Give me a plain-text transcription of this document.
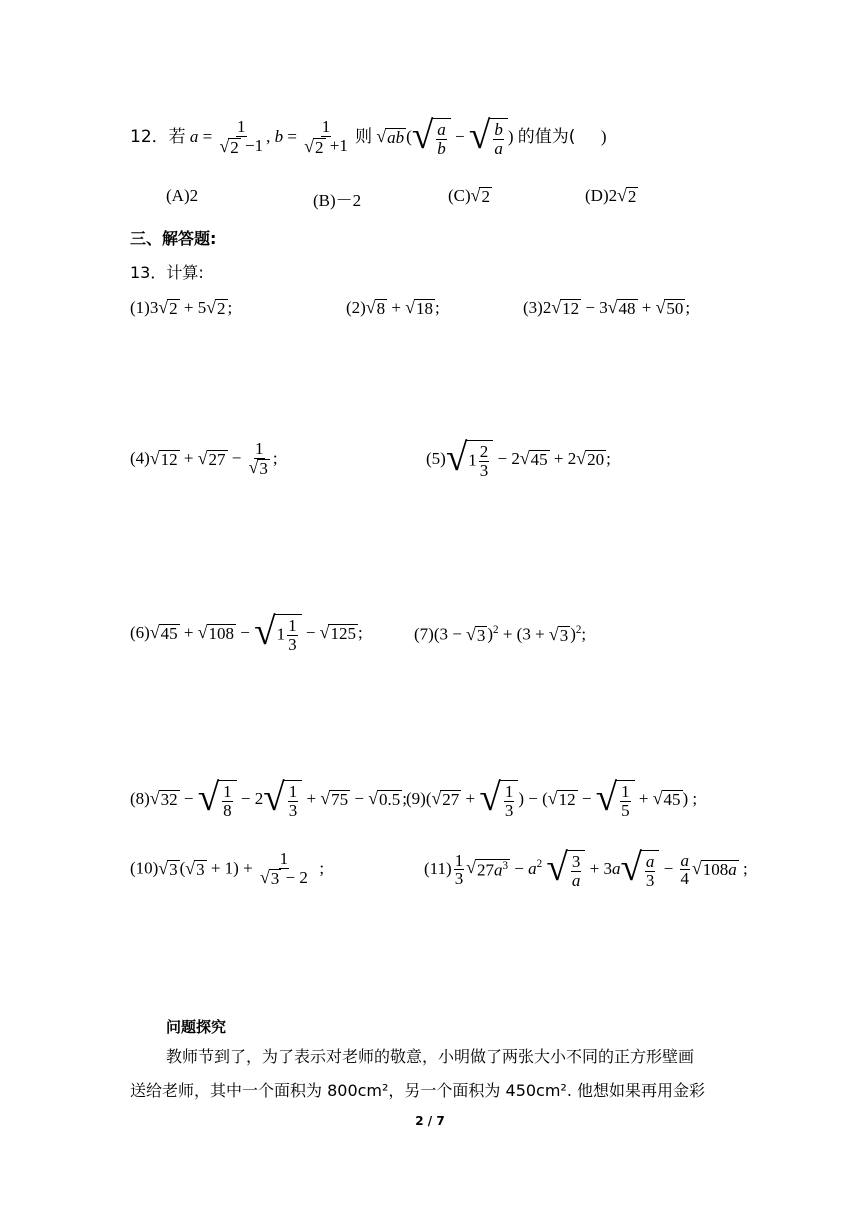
12．若 $a = \frac{1}{√ 2 -1}$ , $b = \frac{1}{√ 2 +1}$ 则 √ ab ( √ $\frac{a}{b}$ − √ $\frac{b}{a}$ ) 的值为( )
(A)2	(B)－2	(C) √ 2	(D)2 √ 2
三、解答题:
13．计算:
(1)3 √ 2 + 5 √ 2 ;	(2) √ 8 + √ 18 ;	(3)2 √ 12 − 3 √ 48 + √ 50 ;
(4) √ 12 + √ $27 - \frac{1}{√ 3}$ ;	(5) √ $1 \frac{2}{3} - 2$ √ 45 + 2 √ 20 ;
(6) √ 45 + √ 108 − √ $1 \frac{1}{3}$ − √ 125 ;	(7)(3 − √ 3 )$^2$ + (3 + √ 3 )$^2$;
(8) √ 32 − √ $\frac{1}{8} - 2$ √ $\frac{1}{3}$ + √ 75 − √ 0.5 ; (9)( √ 27 + √ $\frac{1}{3}$ ) − ( √ 12 − √ $\frac{1}{5}$ + √ 45 ) ;
(10) √ 3 ( √ $3 + 1) + \frac{1}{√ 3 - 2}$ ;	$(11) \frac{1}{3}$ √ $27a^3 - a^2$ √ $\frac{3}{a} + 3a$ √ $\frac{a}{3} - \frac{a}{4}$ √ 108a ;
问题探究
教师节到了，为了表示对老师的敬意，小明做了两张大小不同的正方形壁画
送给老师，其中一个面积为 800cm²，另一个面积为 450cm². 他想如果再用金彩
2 / 7
